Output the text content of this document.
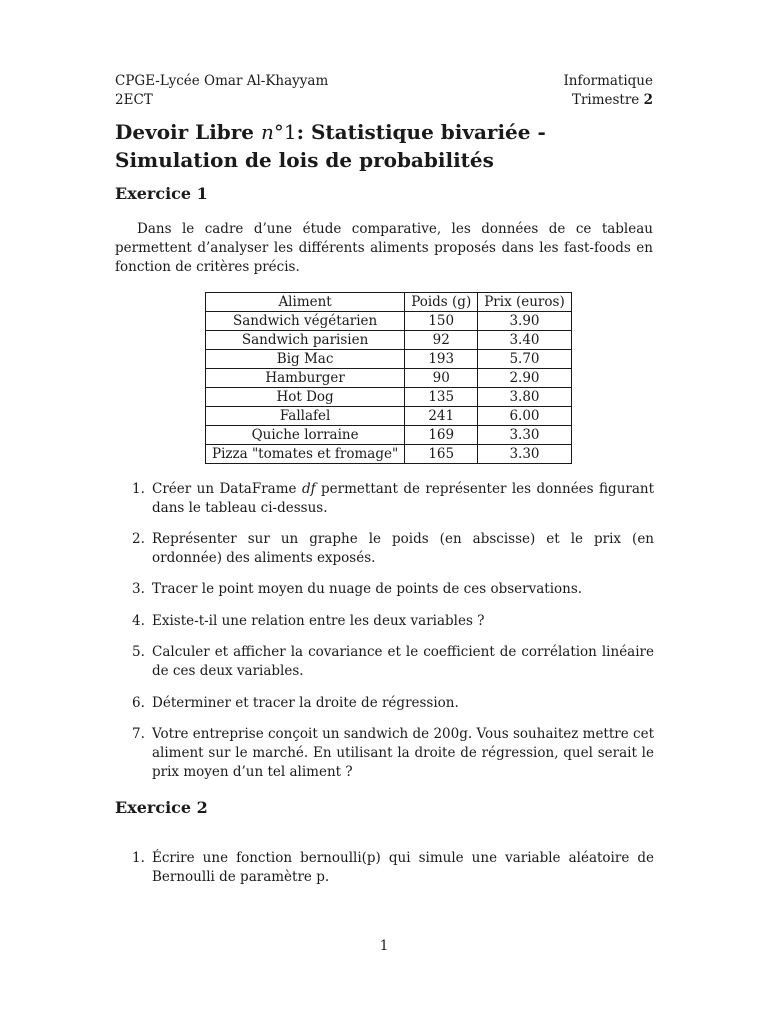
CPGE-Lycée Omar Al-Khayyam	Informatique
2ECT	Trimestre 2
Devoir Libre n°1: Statistique bivariée - Simulation de lois de probabilités
Exercice 1

Dans le cadre d’une étude comparative, les données de ce tableau permettent d’analyser les différents aliments proposés dans les fast-foods en fonction de critères précis.

Aliment	Poids (g)	Prix (euros)
Sandwich végétarien	150	3.90
Sandwich parisien	92	3.40
Big Mac	193	5.70
Hamburger	90	2.90
Hot Dog	135	3.80
Fallafel	241	6.00
Quiche lorraine	169	3.30
Pizza "tomates et fromage"	165	3.30
1. Créer un DataFrame df permettant de représenter les données figurant dans le tableau ci-dessus.
2. Représenter sur un graphe le poids (en abscisse) et le prix (en ordonnée) des aliments exposés.
3. Tracer le point moyen du nuage de points de ces observations.
4. Existe-t-il une relation entre les deux variables ?
5. Calculer et afficher la covariance et le coefficient de corrélation linéaire de ces deux variables.
6. Déterminer et tracer la droite de régression.
7. Votre entreprise conçoit un sandwich de 200g. Vous souhaitez mettre cet aliment sur le marché. En utilisant la droite de régression, quel serait le prix moyen d’un tel aliment ?
Exercice 2
1. Écrire une fonction bernoulli(p) qui simule une variable aléatoire de Bernoulli de paramètre p.
1
